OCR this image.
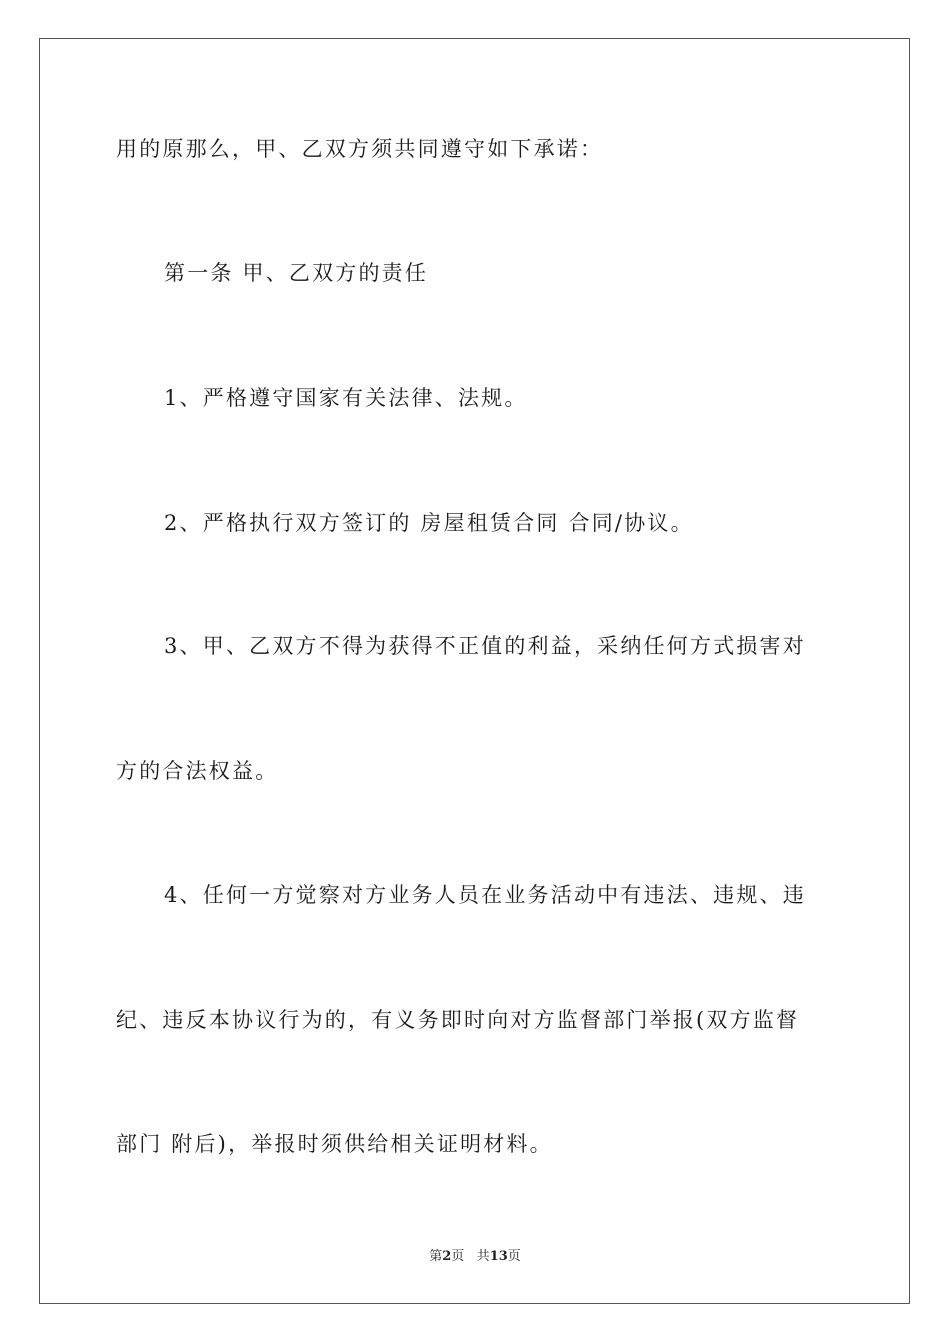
用的原那么，甲、乙双方须共同遵守如下承诺：
第一条 甲、乙双方的责任
1、严格遵守国家有关法律、法规。
2、严格执行双方签订的 房屋租赁合同 合同/协议。
3、甲、乙双方不得为获得不正值的利益，采纳任何方式损害对
方的合法权益。
4、任何一方觉察对方业务人员在业务活动中有违法、违规、违
纪、违反本协议行为的，有义务即时向对方监督部门举报(双方监督
部门 附后)，举报时须供给相关证明材料。
第2页 共13页
